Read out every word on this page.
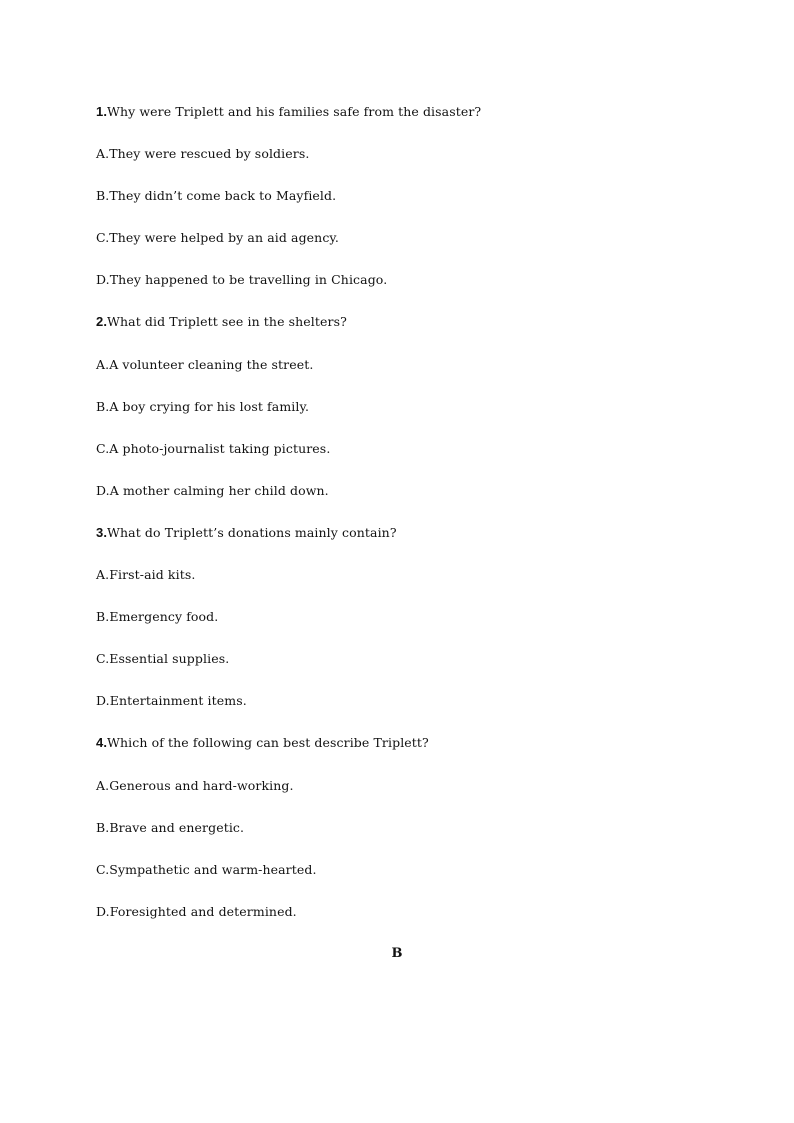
1.Why were Triplett and his families safe from the disaster?
A.They were rescued by soldiers.
B.They didn’t come back to Mayfield.
C.They were helped by an aid agency.
D.They happened to be travelling in Chicago.
2.What did Triplett see in the shelters?
A.A volunteer cleaning the street.
B.A boy crying for his lost family.
C.A photo-journalist taking pictures.
D.A mother calming her child down.
3.What do Triplett’s donations mainly contain?
A.First-aid kits.
B.Emergency food.
C.Essential supplies.
D.Entertainment items.
4.Which of the following can best describe Triplett?
A.Generous and hard-working.
B.Brave and energetic.
C.Sympathetic and warm-hearted.
D.Foresighted and determined.
B
